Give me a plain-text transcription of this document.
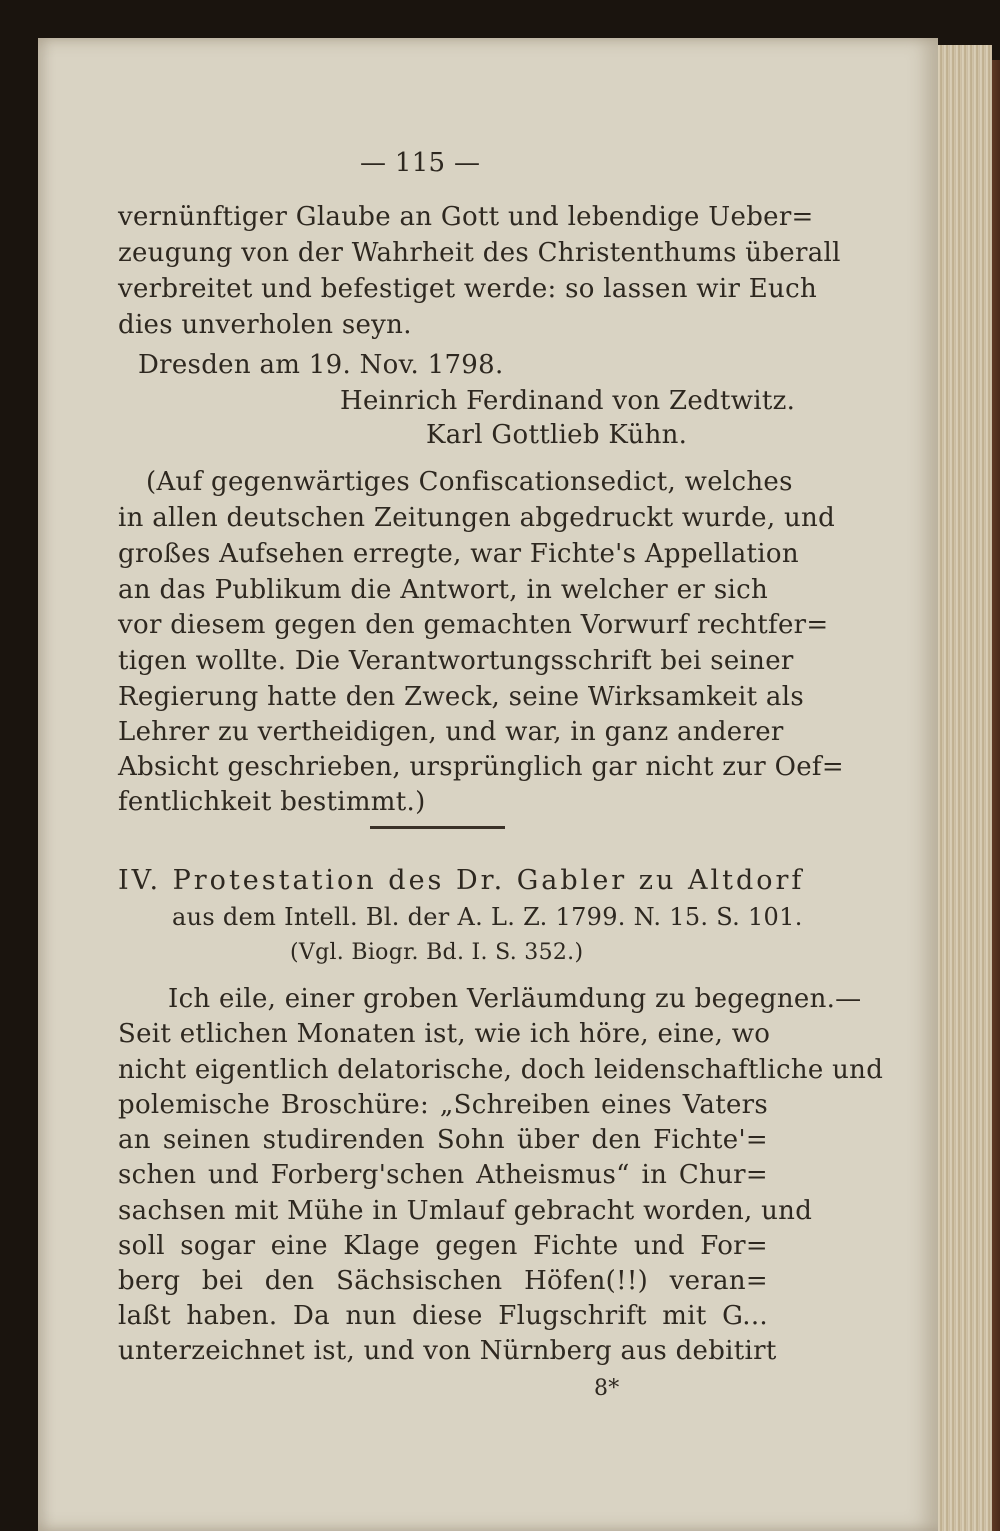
— 115 —
vernünftiger Glaube an Gott und lebendige Ueber=
zeugung von der Wahrheit des Christenthums überall
verbreitet und befestiget werde: so lassen wir Euch
dies unverholen seyn.
Dresden am 19. Nov. 1798.
Heinrich Ferdinand von Zedtwitz.
Karl Gottlieb Kühn.
(Auf gegenwärtiges Confiscationsedict, welches
in allen deutschen Zeitungen abgedruckt wurde, und
großes Aufsehen erregte, war Fichte's Appellation
an das Publikum die Antwort, in welcher er sich
vor diesem gegen den gemachten Vorwurf rechtfer=
tigen wollte. Die Verantwortungsschrift bei seiner
Regierung hatte den Zweck, seine Wirksamkeit als
Lehrer zu vertheidigen, und war, in ganz anderer
Absicht geschrieben, ursprünglich gar nicht zur Oef=
fentlichkeit bestimmt.)
IV. Protestation des Dr. Gabler zu Altdorf
aus dem Intell. Bl. der A. L. Z. 1799. N. 15. S. 101.
(Vgl. Biogr. Bd. I. S. 352.)
Ich eile, einer groben Verläumdung zu begegnen.—
Seit etlichen Monaten ist, wie ich höre, eine, wo
nicht eigentlich delatorische, doch leidenschaftliche und
polemische Broschüre: „Schreiben eines Vaters
an seinen studirenden Sohn über den Fichte'=
schen und Forberg'schen Atheismus“ in Chur=
sachsen mit Mühe in Umlauf gebracht worden, und
soll sogar eine Klage gegen Fichte und For=
berg bei den Sächsischen Höfen(!!) veran=
laßt haben. Da nun diese Flugschrift mit G...
unterzeichnet ist, und von Nürnberg aus debitirt
8*
